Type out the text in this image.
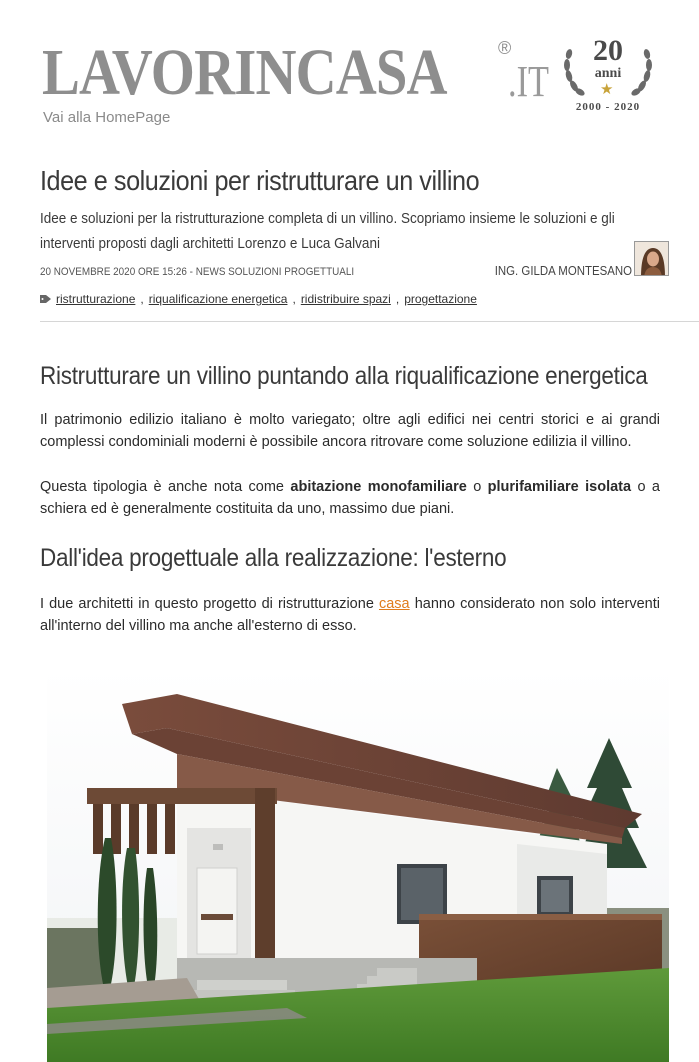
LAVORINCASA	®
.IT
Vai alla HomePage
20
anni
★
2000 - 2020
Idee e soluzioni per ristrutturare un villino

Idee e soluzioni per la ristrutturazione completa di un villino. Scopriamo insieme le soluzioni e gli interventi proposti dagli architetti Lorenzo e Luca Galvani

20 NOVEMBRE 2020 ORE 15:26 - NEWS SOLUZIONI PROGETTUALI	ING. GILDA MONTESANO
ristrutturazione , riqualificazione energetica , ridistribuire spazi , progettazione
Ristrutturare un villino puntando alla riqualificazione energetica

Il patrimonio edilizio italiano è molto variegato; oltre agli edifici nei centri storici e ai grandi complessi condominiali moderni è possibile ancora ritrovare come soluzione edilizia il villino.

Questa tipologia è anche nota come abitazione monofamiliare o plurifamiliare isolata o a schiera ed è generalmente costituita da uno, massimo due piani.

Dall'idea progettuale alla realizzazione: l'esterno

I due architetti in questo progetto di ristrutturazione casa hanno considerato non solo interventi all'interno del villino ma anche all'esterno di esso.
